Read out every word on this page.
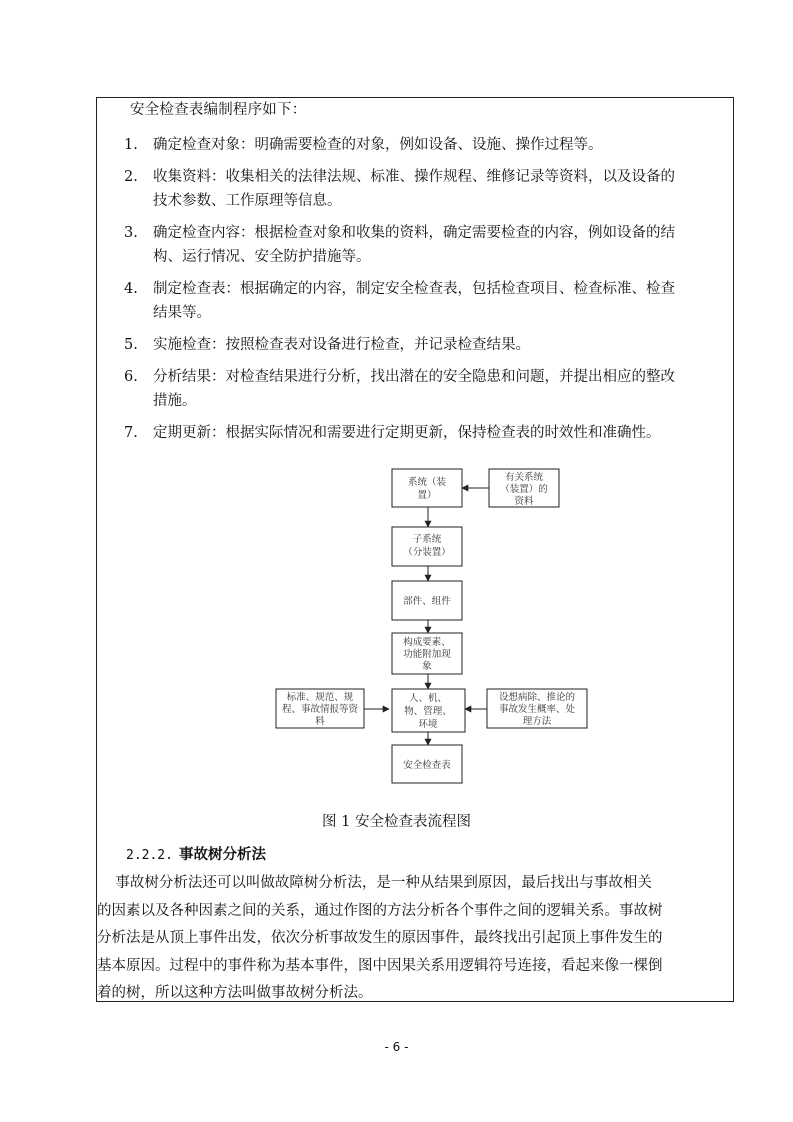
安全检查表编制程序如下：
1. 确定检查对象：明确需要检查的对象，例如设备、设施、操作过程等。
2. 收集资料：收集相关的法律法规、标准、操作规程、维修记录等资料，以及设备的
技术参数、工作原理等信息。
3. 确定检查内容：根据检查对象和收集的资料，确定需要检查的内容，例如设备的结
构、运行情况、安全防护措施等。
4. 制定检查表：根据确定的内容，制定安全检查表，包括检查项目、检查标准、检查
结果等。
5. 实施检查：按照检查表对设备进行检查，并记录检查结果。
6. 分析结果：对检查结果进行分析，找出潜在的安全隐患和问题，并提出相应的整改
措施。
7. 定期更新：根据实际情况和需要进行定期更新，保持检查表的时效性和准确性。
系统（装
置）
有关系统
（装置）的
资料
子系统
（分装置）
部件、组件
构成要素、
功能附加现
象
人、机、
物、管理、
环境
标准、规范、规
程、事故情报等资
料
设想病除、推论的
事故发生概率、处
理方法
安全检查表
图 1 安全检查表流程图
2.2.2. 事故树分析法
事故树分析法还可以叫做故障树分析法，是一种从结果到原因，最后找出与事故相关
的因素以及各种因素之间的关系，通过作图的方法分析各个事件之间的逻辑关系。事故树
分析法是从顶上事件出发，依次分析事故发生的原因事件，最终找出引起顶上事件发生的
基本原因。过程中的事件称为基本事件，图中因果关系用逻辑符号连接，看起来像一棵倒
着的树，所以这种方法叫做事故树分析法。
- 6 -
